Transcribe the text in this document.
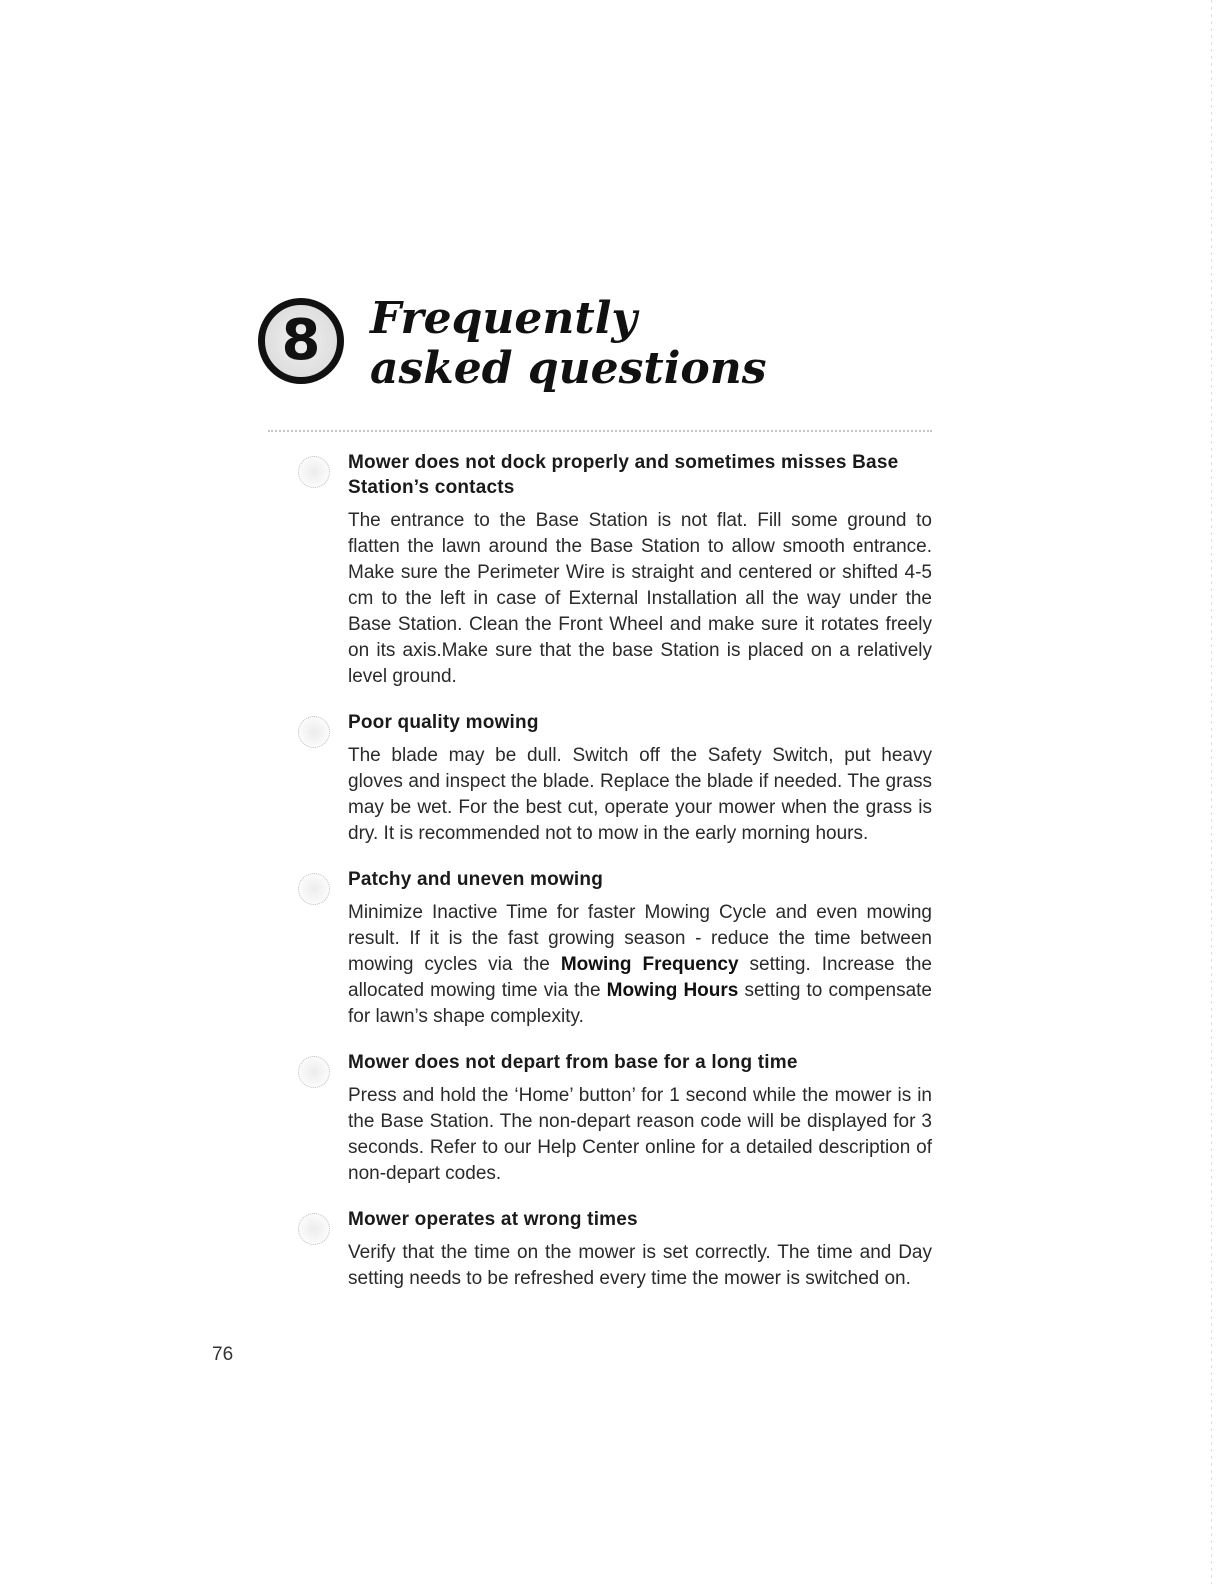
8 Frequently
asked questions

Mower does not dock properly and sometimes misses Base Station’s contacts

The entrance to the Base Station is not flat. Fill some ground to flatten the lawn around the Base Station to allow smooth entrance. Make sure the Perimeter Wire is straight and centered or shifted 4-5 cm to the left in case of External Installation all the way under the Base Station. Clean the Front Wheel and make sure it rotates freely on its axis.Make sure that the base Station is placed on a relatively level ground.

Poor quality mowing

The blade may be dull. Switch off the Safety Switch, put heavy gloves and inspect the blade. Replace the blade if needed. The grass may be wet. For the best cut, operate your mower when the grass is dry. It is recommended not to mow in the early morning hours.

Patchy and uneven mowing

Minimize Inactive Time for faster Mowing Cycle and even mowing result. If it is the fast growing season - reduce the time between mowing cycles via the Mowing Frequency setting. Increase the allocated mowing time via the Mowing Hours setting to compensate for lawn’s shape complexity.

Mower does not depart from base for a long time

Press and hold the ‘Home’ button’ for 1 second while the mower is in the Base Station. The non-depart reason code will be displayed for 3 seconds. Refer to our Help Center online for a detailed description of non-depart codes.

Mower operates at wrong times

Verify that the time on the mower is set correctly. The time and Day setting needs to be refreshed every time the mower is switched on.

76
